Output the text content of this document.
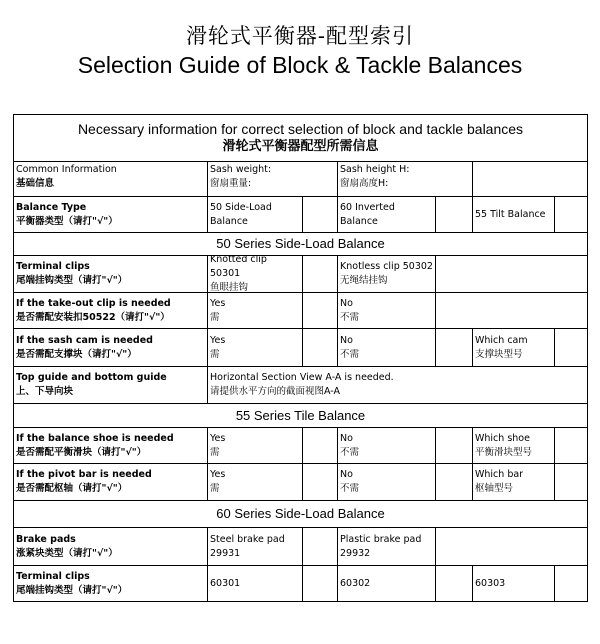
滑轮式平衡器-配型索引
Selection Guide of Block & Tackle Balances
Necessary information for correct selection of block and tackle balances
滑轮式平衡器配型所需信息
Common Information
基础信息
Sash weight:
窗扇重量:
Sash height H:
窗扇高度H:
Balance Type
平衡器类型（请打"√"）
50 Side-Load
Balance
60 Inverted Balance
55 Tilt Balance
50 Series Side-Load Balance
Terminal clips
尾端挂钩类型（请打"√"）
Knotted clip 50301
鱼眼挂钩
Knotless clip 50302
无绳结挂钩
If the take-out clip is needed
是否需配安装扣50522（请打"√"）
Yes
需
No
不需
If the sash cam is needed
是否需配支撑块（请打"√"）
Yes
需
No
不需
Which cam
支撑块型号
Top guide and bottom guide
上、下导向块
Horizontal Section View A-A is needed.
请提供水平方向的截面视图A-A
55 Series Tile Balance
If the balance shoe is needed
是否需配平衡滑块（请打"√"）
Yes
需
No
不需
Which shoe
平衡滑块型号
If the pivot bar is needed
是否需配枢轴（请打"√"）
Yes
需
No
不需
Which bar
枢轴型号
60 Series Side-Load Balance
Brake pads
涨紧块类型（请打"√"）
Steel brake pad
29931
Plastic brake pad
29932
Terminal clips
尾端挂钩类型（请打"√"）
60301	60302	60303
